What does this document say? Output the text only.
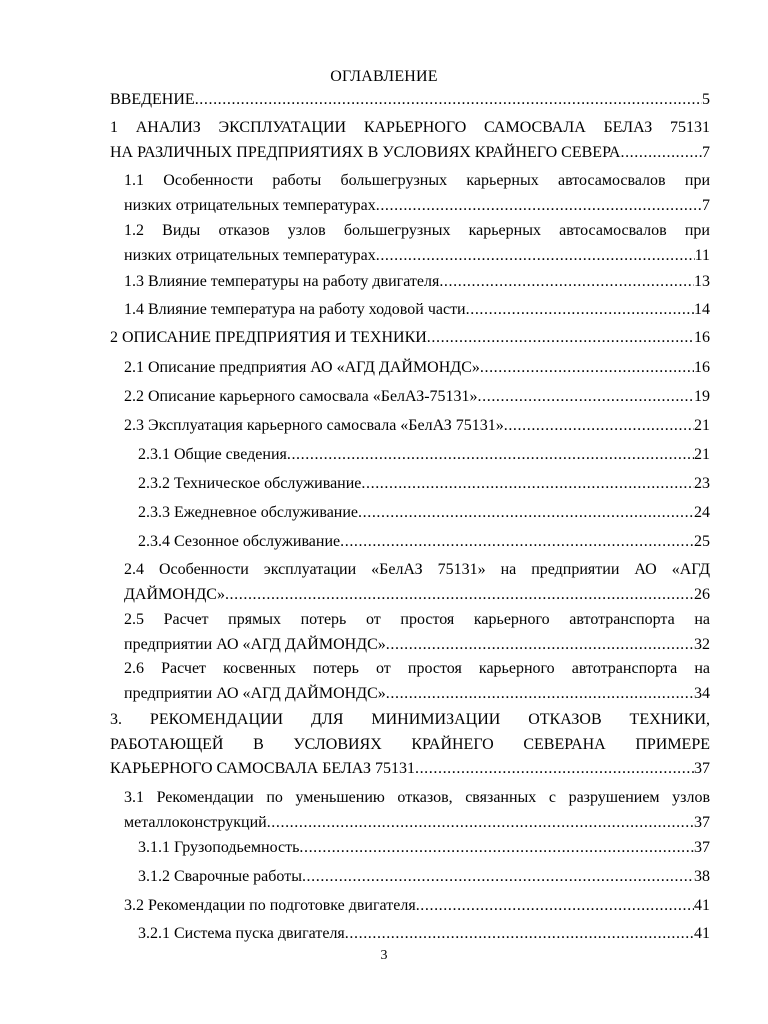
ОГЛАВЛЕНИЕ
ВВЕДЕНИЕ .....	5
1 АНАЛИЗ ЭКСПЛУАТАЦИИ КАРЬЕРНОГО САМОСВАЛА БЕЛАЗ 75131
НА РАЗЛИЧНЫХ ПРЕДПРИЯТИЯХ В УСЛОВИЯХ КРАЙНЕГО СЕВЕРА .....	7
1.1 Особенности работы большегрузных карьерных автосамосвалов при
низких отрицательных температурах .....	7
1.2 Виды отказов узлов большегрузных карьерных автосамосвалов при
низких отрицательных температурах .....	11
1.3 Влияние температуры на работу двигателя .....	13
1.4 Влияние температура на работу ходовой части .....	14
2 ОПИСАНИЕ ПРЕДПРИЯТИЯ И ТЕХНИКИ .....	16
2.1 Описание предприятия АО «АГД ДАЙМОНДС» .....	16
2.2 Описание карьерного самосвала «БелАЗ-75131» .....	19
2.3 Эксплуатация карьерного самосвала «БелАЗ 75131» .....	21
2.3.1 Общие сведения .....	21
2.3.2 Техническое обслуживание .....	23
2.3.3 Ежедневное обслуживание .....	24
2.3.4 Сезонное обслуживание .....	25
2.4 Особенности эксплуатации «БелАЗ 75131» на предприятии АО «АГД
ДАЙМОНДС» .....	26
2.5 Расчет прямых потерь от простоя карьерного автотранспорта на
предприятии АО «АГД ДАЙМОНДС» .....	32
2.6 Расчет косвенных потерь от простоя карьерного автотранспорта на
предприятии АО «АГД ДАЙМОНДС» .....	34
3. РЕКОМЕНДАЦИИ ДЛЯ МИНИМИЗАЦИИ ОТКАЗОВ ТЕХНИКИ,
РАБОТАЮЩЕЙ В УСЛОВИЯХ КРАЙНЕГО СЕВЕРАНА ПРИМЕРЕ
КАРЬЕРНОГО САМОСВАЛА БЕЛАЗ 75131 .....	37
3.1 Рекомендации по уменьшению отказов, связанных с разрушением узлов
металлоконструкций .....	37
3.1.1 Грузоподьемность .....	37
3.1.2 Сварочные работы .....	38
3.2 Рекомендации по подготовке двигателя .....	41
3.2.1 Система пуска двигателя .....	41
3
